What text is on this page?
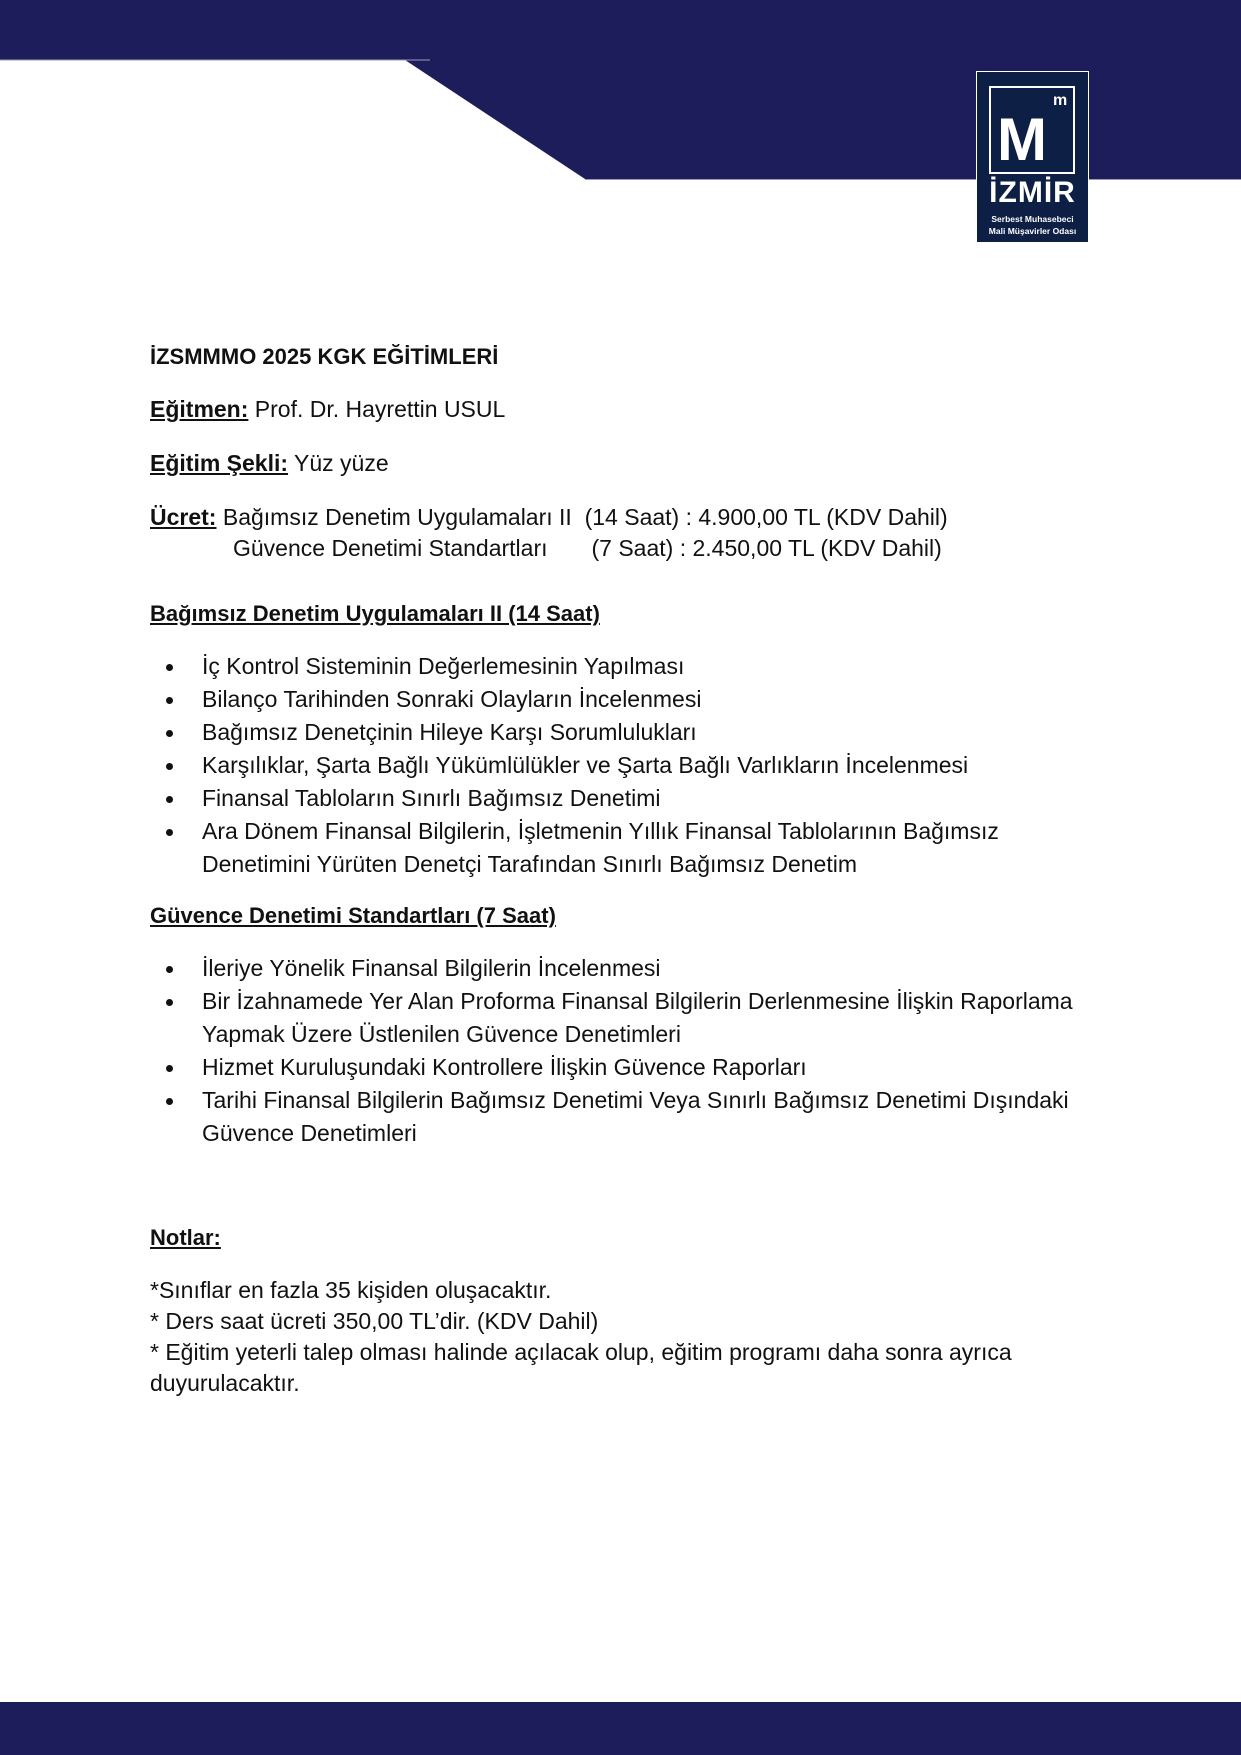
M
m
İZMİR
Serbest Muhasebeci
Mali Müşavirler Odası
İZSMMMO 2025 KGK EĞİTİMLERİ
Eğitmen: Prof. Dr. Hayrettin USUL
Eğitim Şekli: Yüz yüze
Ücret: Bağımsız Denetim Uygulamaları II (14 Saat) : 4.900,00 TL (KDV Dahil)
Güvence Denetimi Standartları (7 Saat) : 2.450,00 TL (KDV Dahil)
Bağımsız Denetim Uygulamaları II (14 Saat)
İç Kontrol Sisteminin Değerlemesinin Yapılması
Bilanço Tarihinden Sonraki Olayların İncelenmesi
Bağımsız Denetçinin Hileye Karşı Sorumlulukları
Karşılıklar, Şarta Bağlı Yükümlülükler ve Şarta Bağlı Varlıkların İncelenmesi
Finansal Tabloların Sınırlı Bağımsız Denetimi
Ara Dönem Finansal Bilgilerin, İşletmenin Yıllık Finansal Tablolarının Bağımsız Denetimini Yürüten Denetçi Tarafından Sınırlı Bağımsız Denetim
Güvence Denetimi Standartları (7 Saat)
İleriye Yönelik Finansal Bilgilerin İncelenmesi
Bir İzahnamede Yer Alan Proforma Finansal Bilgilerin Derlenmesine İlişkin Raporlama Yapmak Üzere Üstlenilen Güvence Denetimleri
Hizmet Kuruluşundaki Kontrollere İlişkin Güvence Raporları
Tarihi Finansal Bilgilerin Bağımsız Denetimi Veya Sınırlı Bağımsız Denetimi Dışındaki Güvence Denetimleri
Notlar:
*Sınıflar en fazla 35 kişiden oluşacaktır.
* Ders saat ücreti 350,00 TL’dir. (KDV Dahil)
* Eğitim yeterli talep olması halinde açılacak olup, eğitim programı daha sonra ayrıca duyurulacaktır.
